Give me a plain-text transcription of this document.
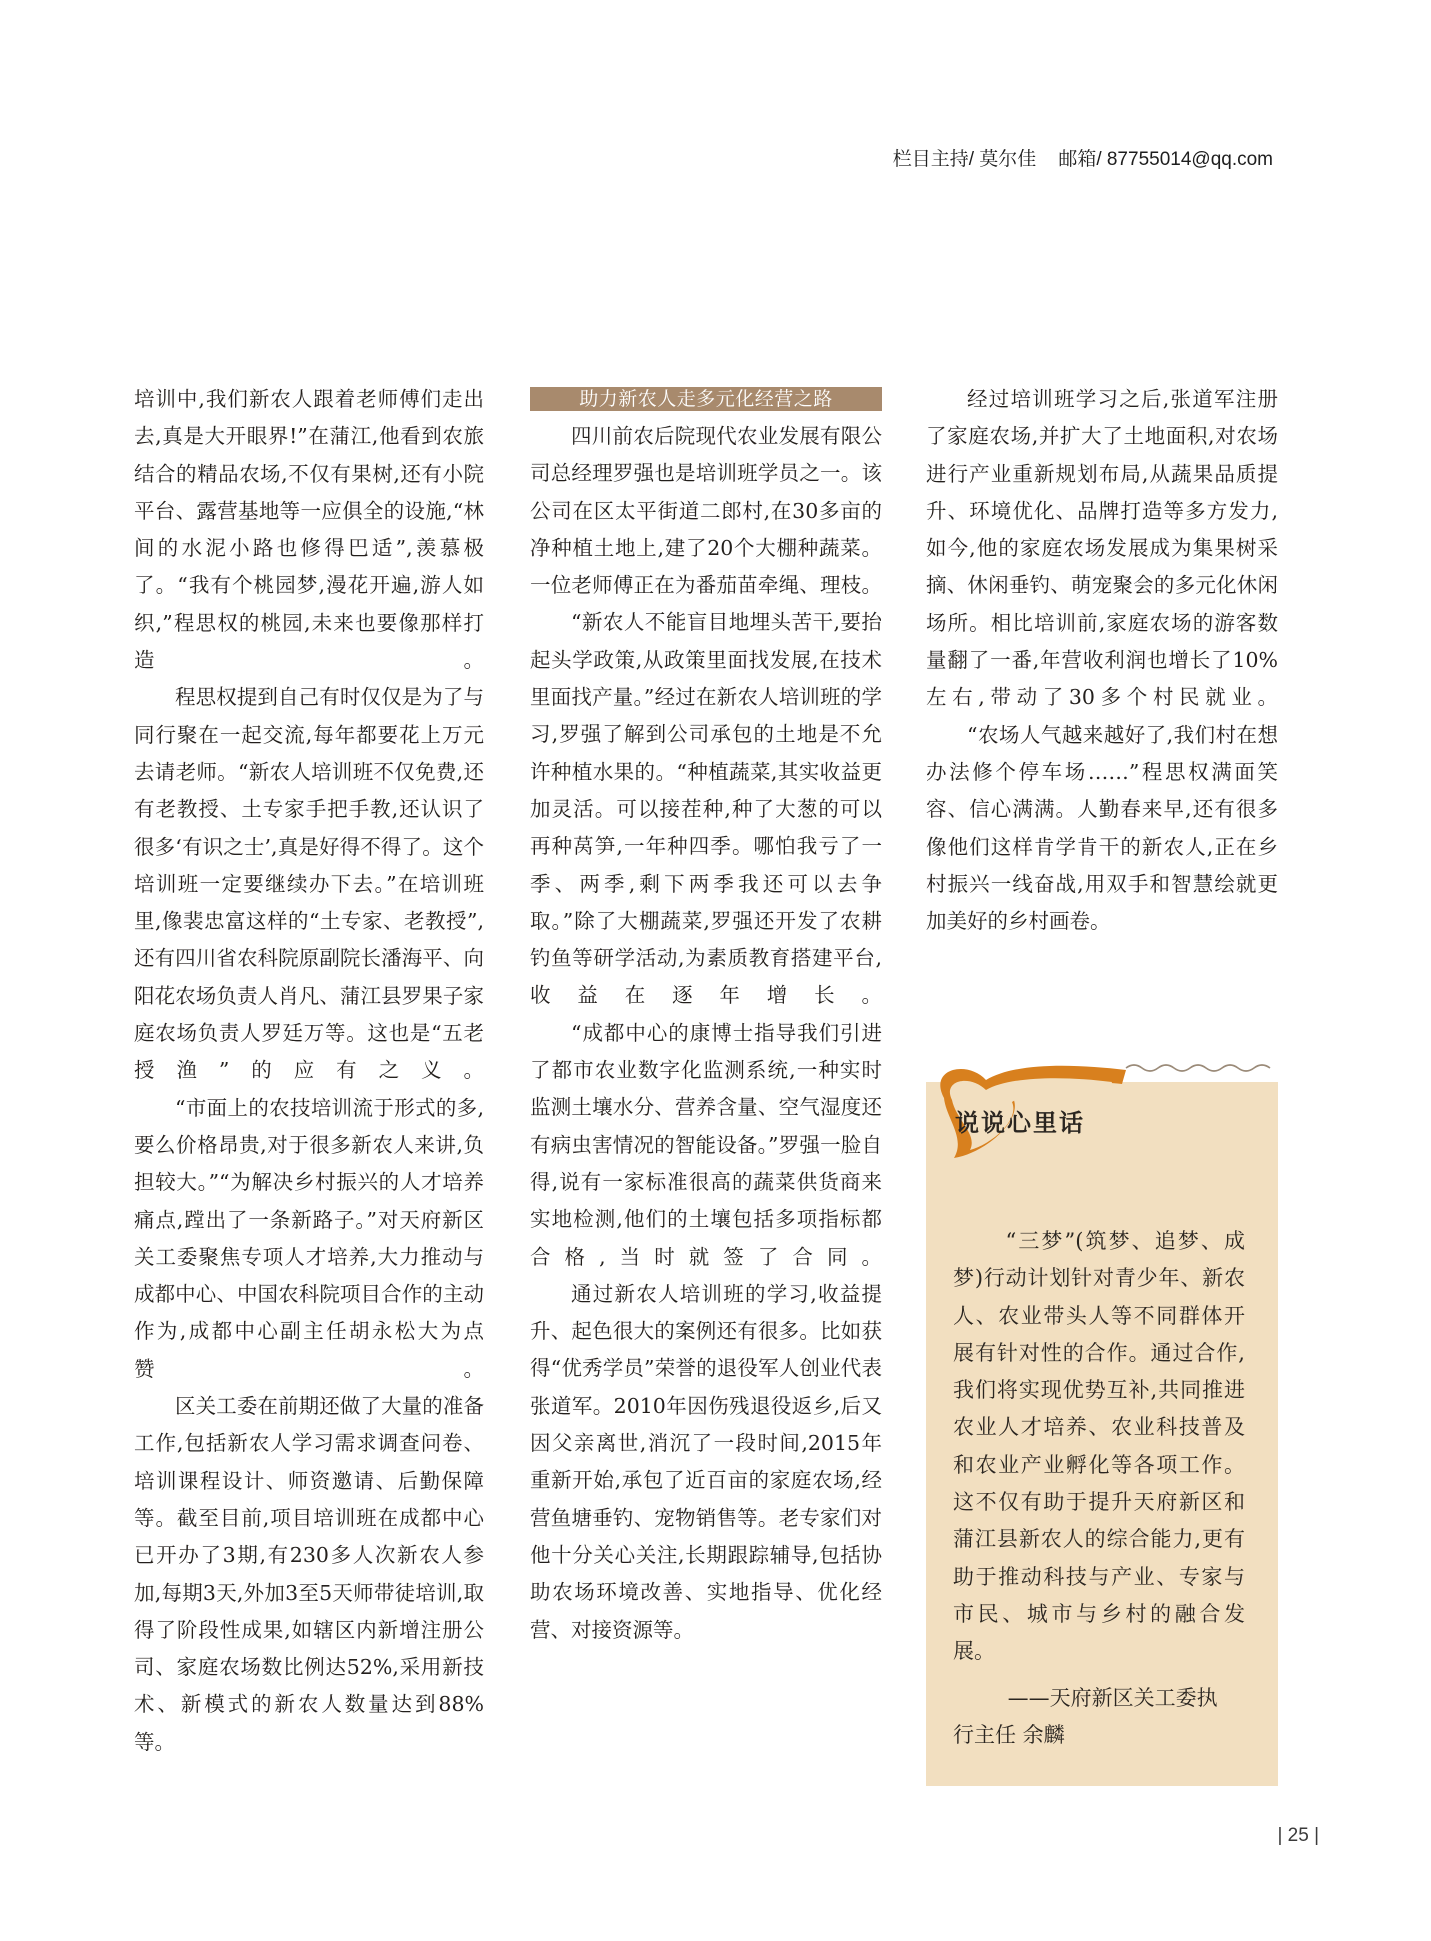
栏目主持/ 莫尔佳 邮箱/ 87755014@qq.com

培训中,我们新农人跟着老师傅们走出去,真是大开眼界!”在蒲江,他看到农旅结合的精品农场,不仅有果树,还有小院平台、露营基地等一应俱全的设施,“林间的水泥小路也修得巴适”,羡慕极了。“我有个桃园梦,漫花开遍,游人如织,”程思权的桃园,未来也要像那样打造。

程思权提到自己有时仅仅是为了与同行聚在一起交流,每年都要花上万元去请老师。“新农人培训班不仅免费,还有老教授、土专家手把手教,还认识了很多‘有识之士’,真是好得不得了。这个培训班一定要继续办下去。”在培训班里,像裴忠富这样的“土专家、老教授”,还有四川省农科院原副院长潘海平、向阳花农场负责人肖凡、蒲江县罗果子家庭农场负责人罗廷万等。这也是“五老授渔”的应有之义。

“市面上的农技培训流于形式的多,要么价格昂贵,对于很多新农人来讲,负担较大。”“为解决乡村振兴的人才培养痛点,蹚出了一条新路子。”对天府新区关工委聚焦专项人才培养,大力推动与成都中心、中国农科院项目合作的主动作为,成都中心副主任胡永松大为点赞。

区关工委在前期还做了大量的准备工作,包括新农人学习需求调查问卷、培训课程设计、师资邀请、后勤保障等。截至目前,项目培训班在成都中心已开办了3期,有230多人次新农人参加,每期3天,外加3至5天师带徒培训,取得了阶段性成果,如辖区内新增注册公司、家庭农场数比例达52%,采用新技术、新模式的新农人数量达到88%等。

助力新农人走多元化经营之路

四川前农后院现代农业发展有限公司总经理罗强也是培训班学员之一。该公司在区太平街道二郎村,在30多亩的净种植土地上,建了20个大棚种蔬菜。一位老师傅正在为番茄苗牵绳、理枝。

“新农人不能盲目地埋头苦干,要抬起头学政策,从政策里面找发展,在技术里面找产量。”经过在新农人培训班的学习,罗强了解到公司承包的土地是不允许种植水果的。“种植蔬菜,其实收益更加灵活。可以接茬种,种了大葱的可以再种莴笋,一年种四季。哪怕我亏了一季、两季,剩下两季我还可以去争取。”除了大棚蔬菜,罗强还开发了农耕钓鱼等研学活动,为素质教育搭建平台,收益在逐年增长。

“成都中心的康博士指导我们引进了都市农业数字化监测系统,一种实时监测土壤水分、营养含量、空气湿度还有病虫害情况的智能设备。”罗强一脸自得,说有一家标准很高的蔬菜供货商来实地检测,他们的土壤包括多项指标都合格,当时就签了合同。

通过新农人培训班的学习,收益提升、起色很大的案例还有很多。比如获得“优秀学员”荣誉的退役军人创业代表张道军。2010年因伤残退役返乡,后又因父亲离世,消沉了一段时间,2015年重新开始,承包了近百亩的家庭农场,经营鱼塘垂钓、宠物销售等。老专家们对他十分关心关注,长期跟踪辅导,包括协助农场环境改善、实地指导、优化经营、对接资源等。

经过培训班学习之后,张道军注册了家庭农场,并扩大了土地面积,对农场进行产业重新规划布局,从蔬果品质提升、环境优化、品牌打造等多方发力,如今,他的家庭农场发展成为集果树采摘、休闲垂钓、萌宠聚会的多元化休闲场所。相比培训前,家庭农场的游客数量翻了一番,年营收利润也增长了10%左右,带动了30多个村民就业。

“农场人气越来越好了,我们村在想办法修个停车场……”程思权满面笑容、信心满满。人勤春来早,还有很多像他们这样肯学肯干的新农人,正在乡村振兴一线奋战,用双手和智慧绘就更加美好的乡村画卷。

说说心里话

“三梦”(筑梦、追梦、成梦)行动计划针对青少年、新农人、农业带头人等不同群体开展有针对性的合作。通过合作,我们将实现优势互补,共同推进农业人才培养、农业科技普及和农业产业孵化等各项工作。这不仅有助于提升天府新区和蒲江县新农人的综合能力,更有助于推动科技与产业、专家与市民、城市与乡村的融合发展。

——天府新区关工委执
行主任 余麟
| 25 |
